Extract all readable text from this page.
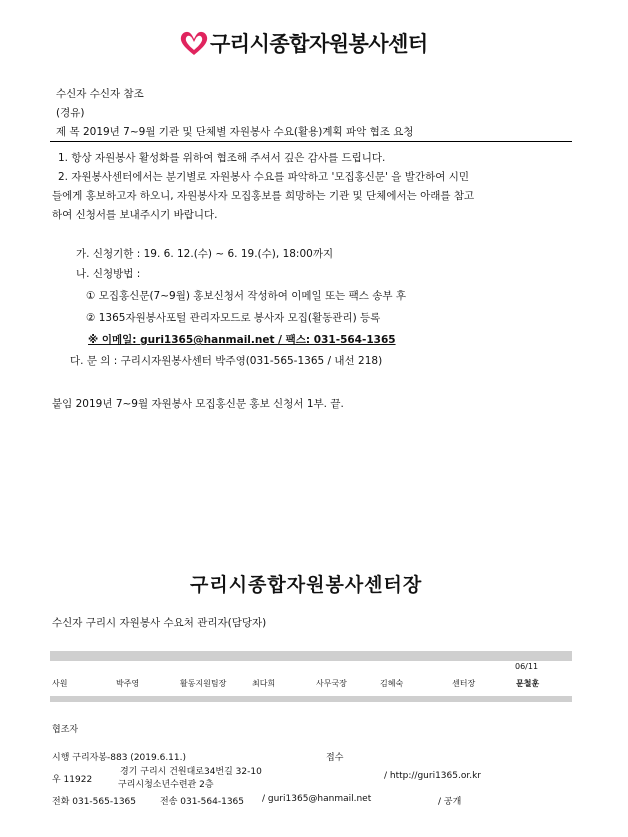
구리시종합자원봉사센터
수신자 수신자 참조
(경유)
제 목 2019년 7~9월 기관 및 단체별 자원봉사 수요(활용)계획 파악 협조 요청
1. 항상 자원봉사 활성화를 위하여 협조해 주셔서 깊은 감사를 드립니다.
2. 자원봉사센터에서는 분기별로 자원봉사 수요를 파악하고 '모집홍신문' 을 발간하여 시민
들에게 홍보하고자 하오니, 자원봉사자 모집홍보를 희망하는 기관 및 단체에서는 아래를 참고
하여 신청서를 보내주시기 바랍니다.
가. 신청기한 : 19. 6. 12.(수) ~ 6. 19.(수), 18:00까지
나. 신청방법 :
① 모집홍신문(7~9월) 홍보신청서 작성하여 이메일 또는 팩스 송부 후
② 1365자원봉사포털 관리자모드로 봉사자 모집(활동관리) 등록
※ 이메일: guri1365@hanmail.net / 팩스: 031-564-1365
다. 문 의 : 구리시자원봉사센터 박주영(031-565-1365 / 내선 218)
붙임 2019년 7~9월 자원봉사 모집홍신문 홍보 신청서 1부. 끝.
구리시종합자원봉사센터장
수신자 구리시 자원봉사 수요처 관리자(담당자)
06/11
사원	박주영	활동지원팀장	최다희	사무국장	김혜숙	센터장	문철훈
협조자
시행 구리자봉-883 (2019.6.11.)	접수
우 11922
경기 구리시 건원대로34번길 32-10
구리시청소년수련관 2층
/ http://guri1365.or.kr
전화 031-565-1365	전송 031-564-1365 / guri1365@hanmail.net	/ 공개
